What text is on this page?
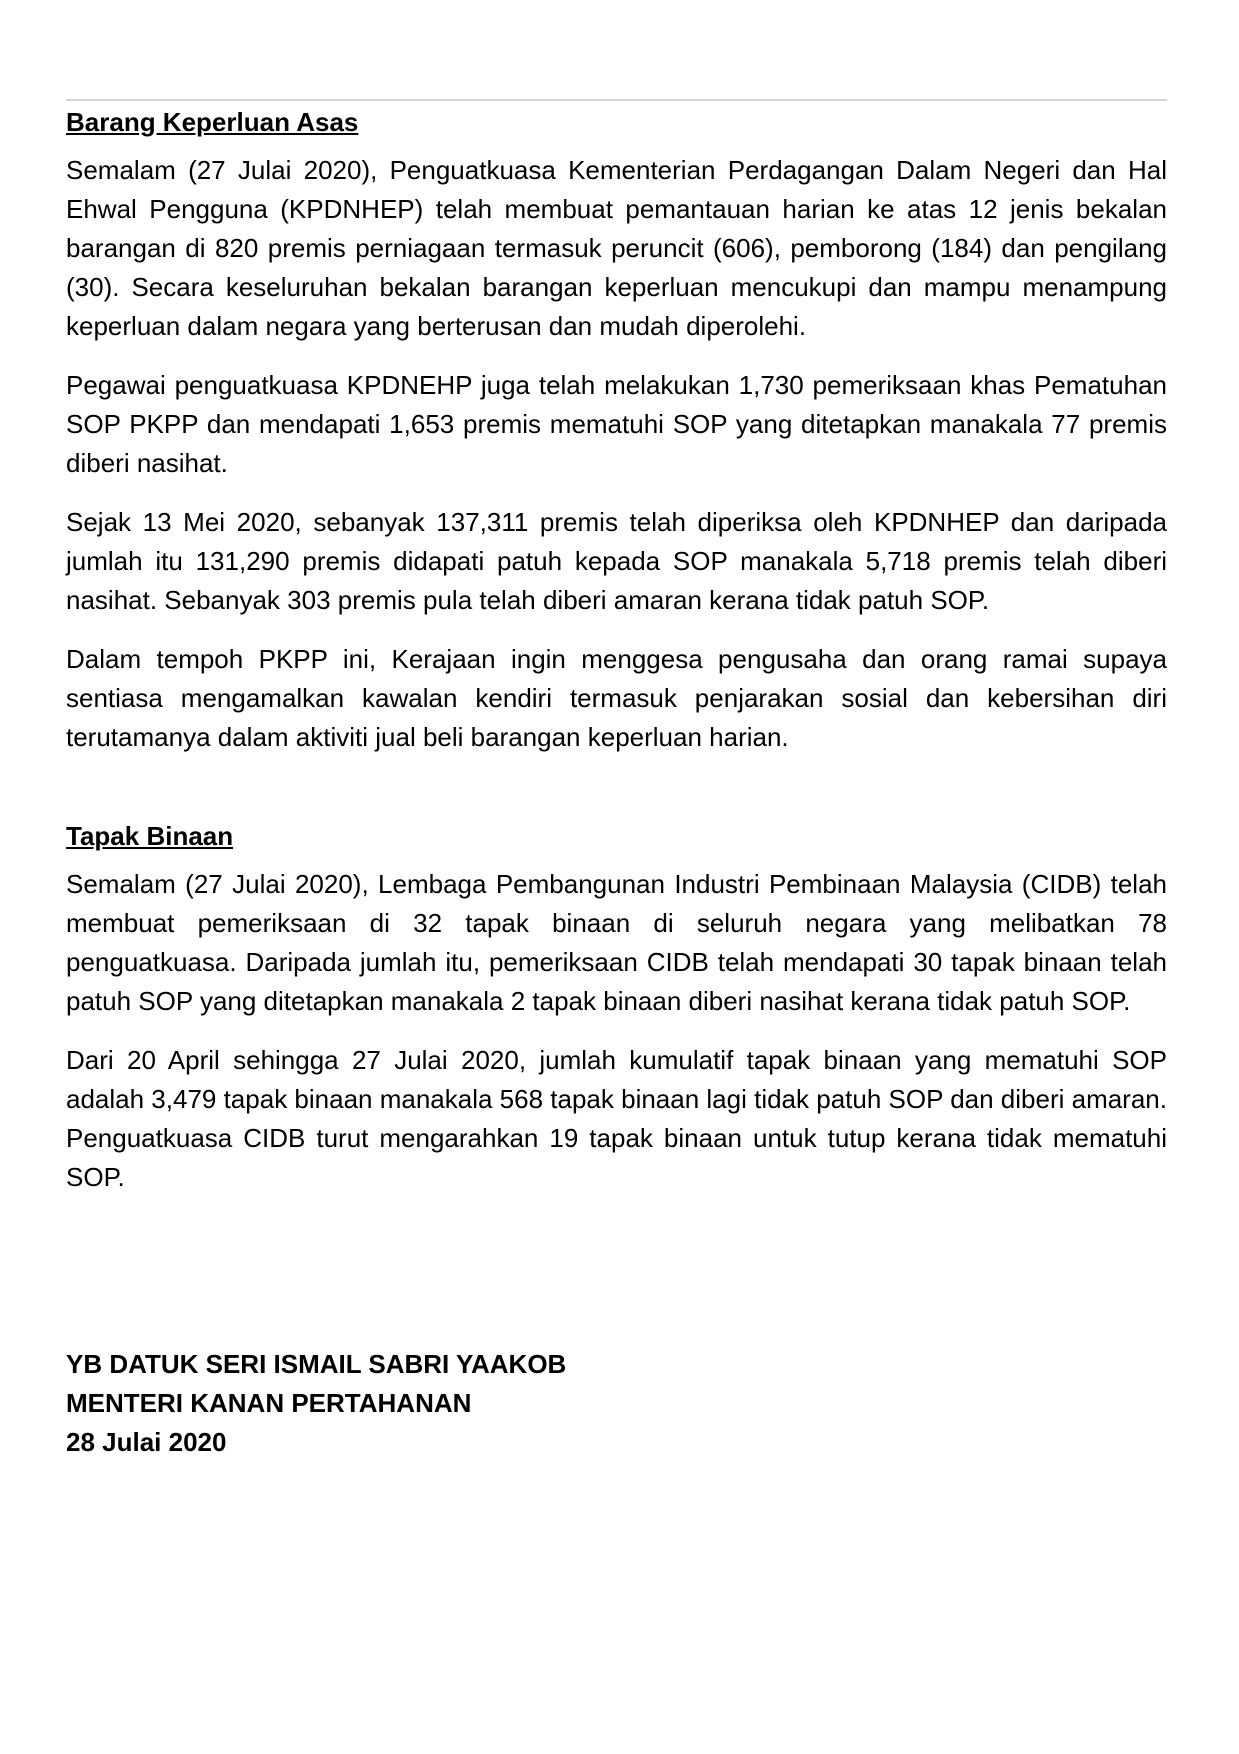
Barang Keperluan Asas

Semalam (27 Julai 2020), Penguatkuasa Kementerian Perdagangan Dalam Negeri dan Hal Ehwal Pengguna (KPDNHEP) telah membuat pemantauan harian ke atas 12 jenis bekalan barangan di 820 premis perniagaan termasuk peruncit (606), pemborong (184) dan pengilang (30). Secara keseluruhan bekalan barangan keperluan mencukupi dan mampu menampung keperluan dalam negara yang berterusan dan mudah diperolehi.

Pegawai penguatkuasa KPDNEHP juga telah melakukan 1,730 pemeriksaan khas Pematuhan SOP PKPP dan mendapati 1,653 premis mematuhi SOP yang ditetapkan manakala 77 premis diberi nasihat.

Sejak 13 Mei 2020, sebanyak 137,311 premis telah diperiksa oleh KPDNHEP dan daripada jumlah itu 131,290 premis didapati patuh kepada SOP manakala 5,718 premis telah diberi nasihat. Sebanyak 303 premis pula telah diberi amaran kerana tidak patuh SOP.

Dalam tempoh PKPP ini, Kerajaan ingin menggesa pengusaha dan orang ramai supaya sentiasa mengamalkan kawalan kendiri termasuk penjarakan sosial dan kebersihan diri terutamanya dalam aktiviti jual beli barangan keperluan harian.

Tapak Binaan

Semalam (27 Julai 2020), Lembaga Pembangunan Industri Pembinaan Malaysia (CIDB) telah membuat pemeriksaan di 32 tapak binaan di seluruh negara yang melibatkan 78 penguatkuasa. Daripada jumlah itu, pemeriksaan CIDB telah mendapati 30 tapak binaan telah patuh SOP yang ditetapkan manakala 2 tapak binaan diberi nasihat kerana tidak patuh SOP.

Dari 20 April sehingga 27 Julai 2020, jumlah kumulatif tapak binaan yang mematuhi SOP adalah 3,479 tapak binaan manakala 568 tapak binaan lagi tidak patuh SOP dan diberi amaran. Penguatkuasa CIDB turut mengarahkan 19 tapak binaan untuk tutup kerana tidak mematuhi SOP.

YB DATUK SERI ISMAIL SABRI YAAKOB
MENTERI KANAN PERTAHANAN
28 Julai 2020
